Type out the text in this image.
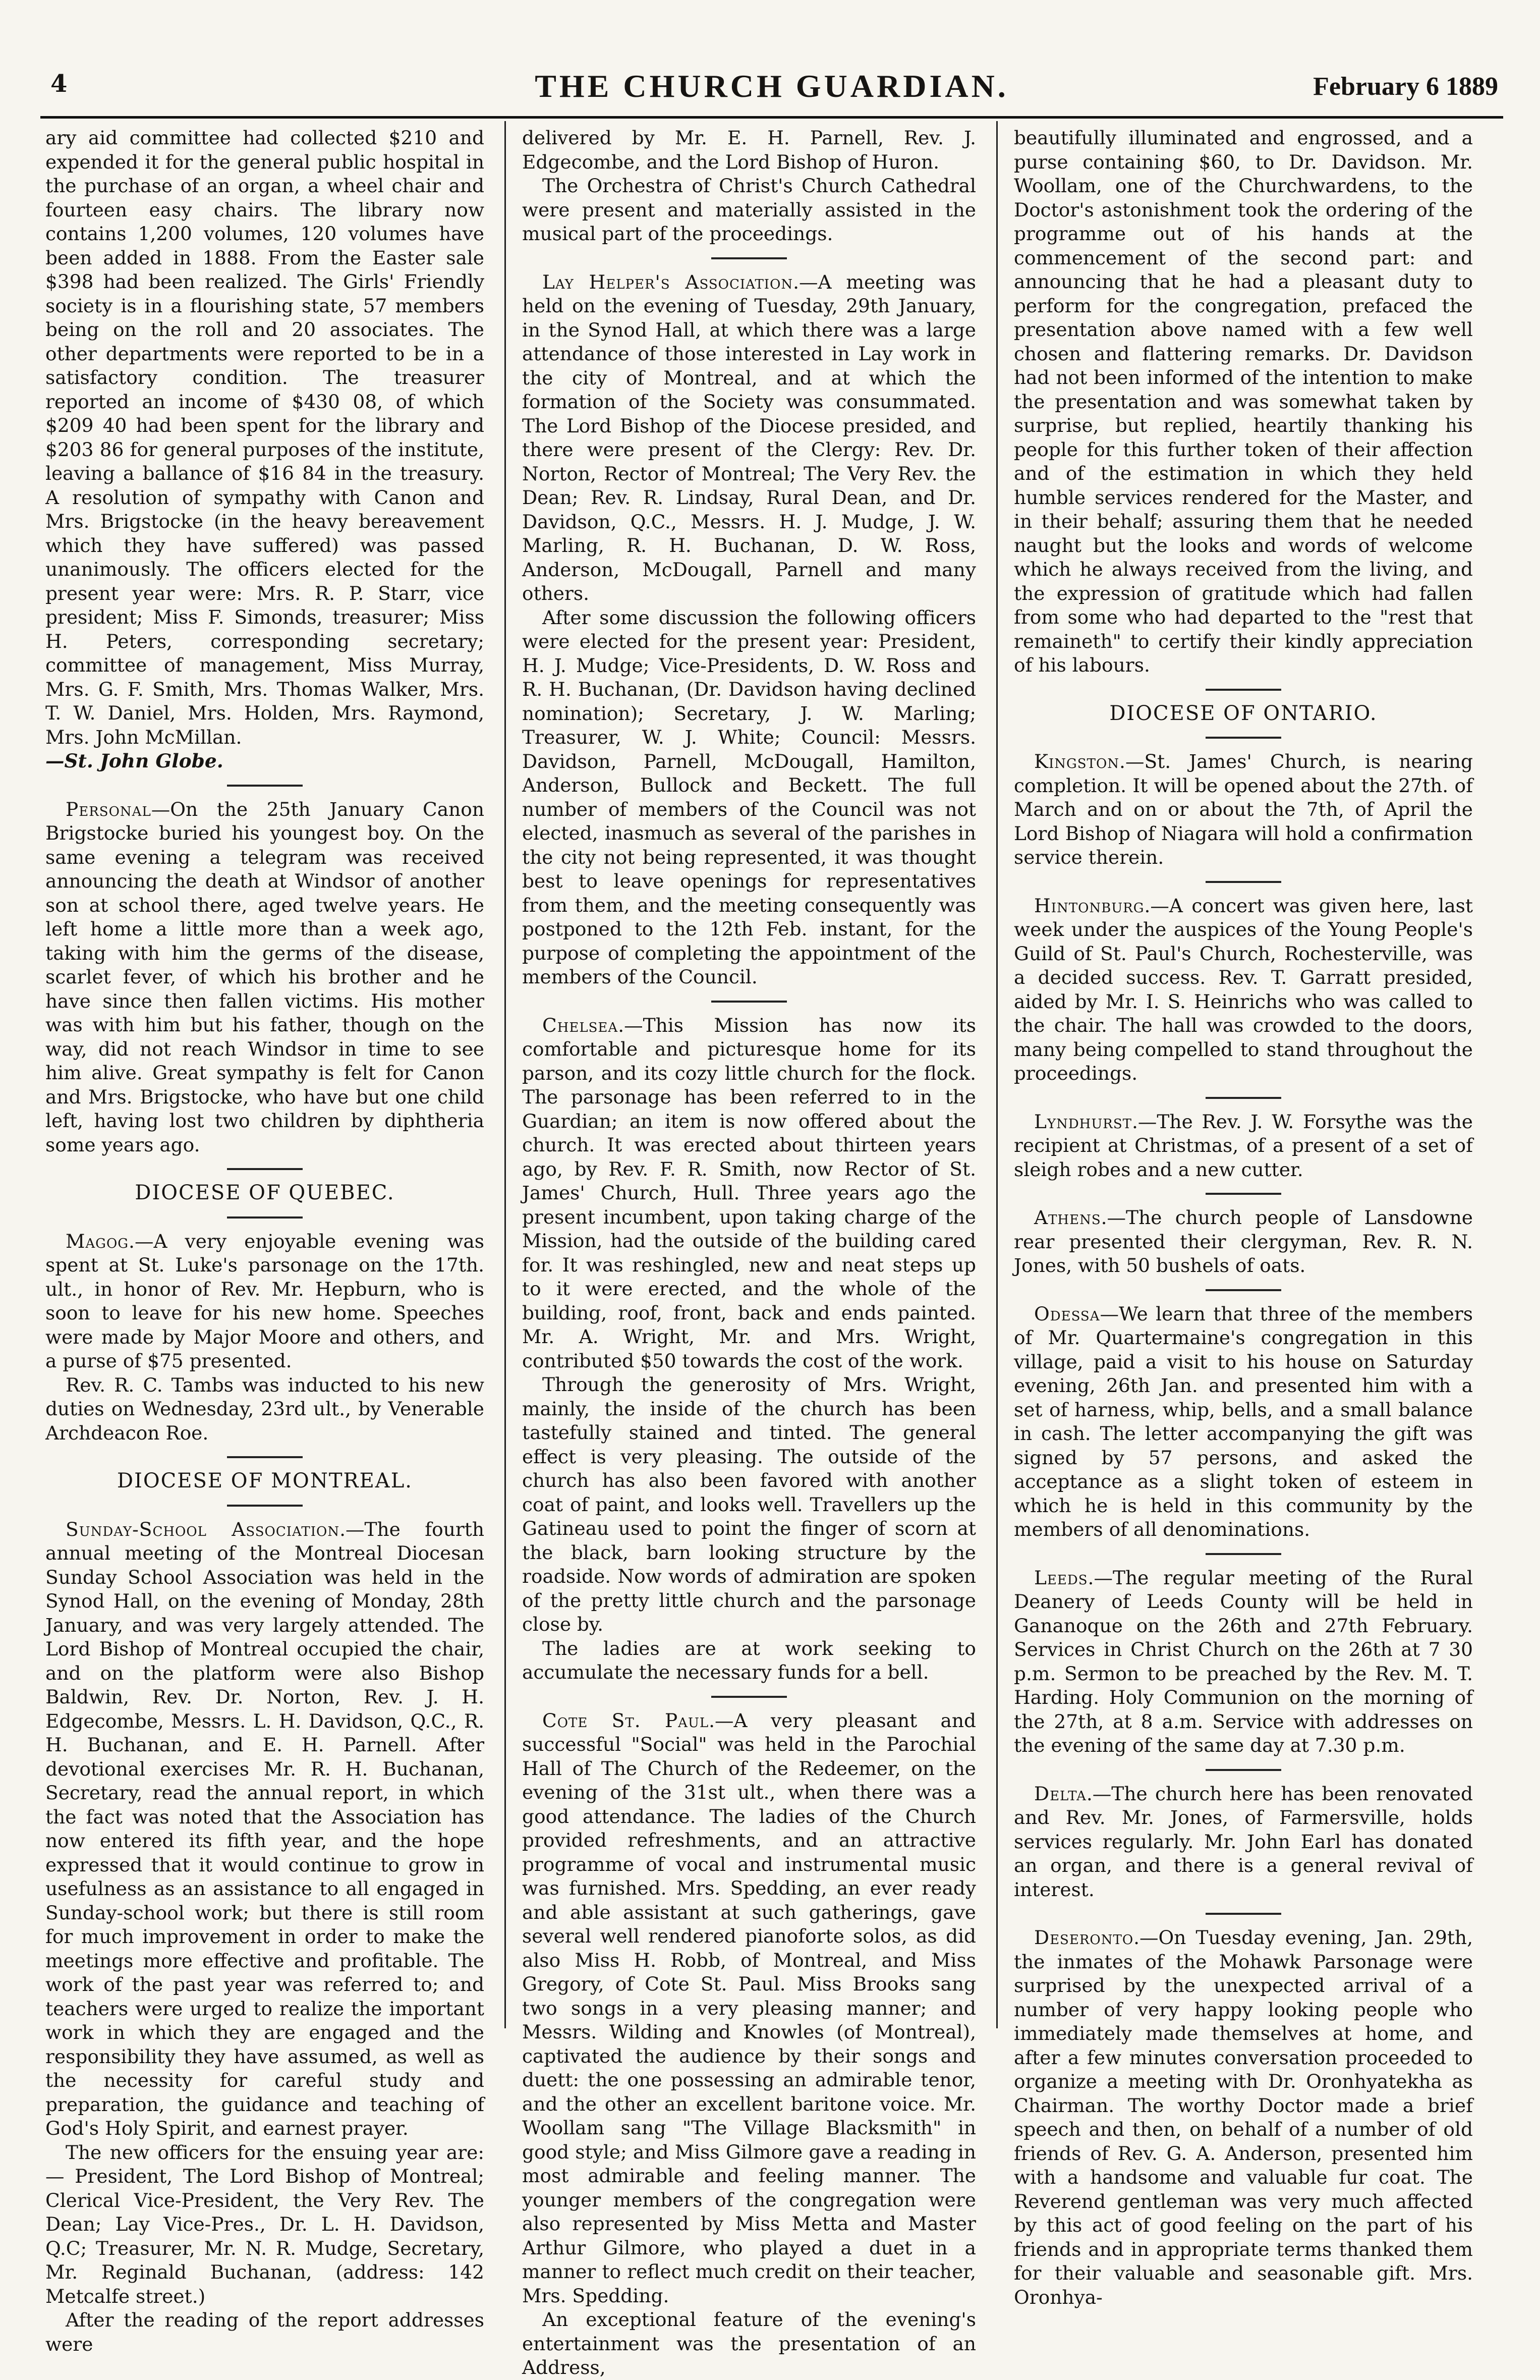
4	THE CHURCH GUARDIAN.	February 6 1889

ary aid committee had collected $210 and expended it for the general public hospital in the purchase of an organ, a wheel chair and fourteen easy chairs. The library now contains 1,200 volumes, 120 volumes have been added in 1888. From the Easter sale $398 had been realized. The Girls' Friendly society is in a flourishing state, 57 members being on the roll and 20 associates. The other departments were reported to be in a satisfactory condition. The treasurer reported an income of $430 08, of which $209 40 had been spent for the library and $203 86 for general purposes of the institute, leaving a ballance of $16 84 in the treasury. A resolution of sympathy with Canon and Mrs. Brigstocke (in the heavy bereavement which they have suffered) was passed unanimously. The officers elected for the present year were: Mrs. R. P. Starr, vice president; Miss F. Simonds, treasurer; Miss H. Peters, corresponding secretary; committee of management, Miss Murray, Mrs. G. F. Smith, Mrs. Thomas Walker, Mrs. T. W. Daniel, Mrs. Holden, Mrs. Raymond, Mrs. John McMillan.

—St. John Globe.

Personal—On the 25th January Canon Brigstocke buried his youngest boy. On the same evening a telegram was received announcing the death at Windsor of another son at school there, aged twelve years. He left home a little more than a week ago, taking with him the germs of the disease, scarlet fever, of which his brother and he have since then fallen victims. His mother was with him but his father, though on the way, did not reach Windsor in time to see him alive. Great sympathy is felt for Canon and Mrs. Brigstocke, who have but one child left, having lost two children by diphtheria some years ago.

DIOCESE OF QUEBEC.

Magog.—A very enjoyable evening was spent at St. Luke's parsonage on the 17th. ult., in honor of Rev. Mr. Hepburn, who is soon to leave for his new home. Speeches were made by Major Moore and others, and a purse of $75 presented.

Rev. R. C. Tambs was inducted to his new duties on Wednesday, 23rd ult., by Venerable Archdeacon Roe.

DIOCESE OF MONTREAL.

Sunday-School Association.—The fourth annual meeting of the Montreal Diocesan Sunday School Association was held in the Synod Hall, on the evening of Monday, 28th January, and was very largely attended. The Lord Bishop of Montreal occupied the chair, and on the platform were also Bishop Baldwin, Rev. Dr. Norton, Rev. J. H. Edgecombe, Messrs. L. H. Davidson, Q.C., R. H. Buchanan, and E. H. Parnell. After devotional exercises Mr. R. H. Buchanan, Secretary, read the annual report, in which the fact was noted that the Association has now entered its fifth year, and the hope expressed that it would continue to grow in usefulness as an assistance to all engaged in Sunday-school work; but there is still room for much improvement in order to make the meetings more effective and profitable. The work of the past year was referred to; and teachers were urged to realize the important work in which they are engaged and the responsibility they have assumed, as well as the necessity for careful study and preparation, the guidance and teaching of God's Holy Spirit, and earnest prayer.

The new officers for the ensuing year are:— President, The Lord Bishop of Montreal; Clerical Vice-President, the Very Rev. The Dean; Lay Vice-Pres., Dr. L. H. Davidson, Q.C; Treasurer, Mr. N. R. Mudge, Secretary, Mr. Reginald Buchanan, (address: 142 Metcalfe street.)

After the reading of the report addresses were

delivered by Mr. E. H. Parnell, Rev. J. Edgecombe, and the Lord Bishop of Huron.

The Orchestra of Christ's Church Cathedral were present and materially assisted in the musical part of the proceedings.

Lay Helper's Association.—A meeting was held on the evening of Tuesday, 29th January, in the Synod Hall, at which there was a large attendance of those interested in Lay work in the city of Montreal, and at which the formation of the Society was consummated. The Lord Bishop of the Diocese presided, and there were present of the Clergy: Rev. Dr. Norton, Rector of Montreal; The Very Rev. the Dean; Rev. R. Lindsay, Rural Dean, and Dr. Davidson, Q.C., Messrs. H. J. Mudge, J. W. Marling, R. H. Buchanan, D. W. Ross, Anderson, McDougall, Parnell and many others.

After some discussion the following officers were elected for the present year: President, H. J. Mudge; Vice-Presidents, D. W. Ross and R. H. Buchanan, (Dr. Davidson having declined nomination); Secretary, J. W. Marling; Treasurer, W. J. White; Council: Messrs. Davidson, Parnell, McDougall, Hamilton, Anderson, Bullock and Beckett. The full number of members of the Council was not elected, inasmuch as several of the parishes in the city not being represented, it was thought best to leave openings for representatives from them, and the meeting consequently was postponed to the 12th Feb. instant, for the purpose of completing the appointment of the members of the Council.

Chelsea.—This Mission has now its comfortable and picturesque home for its parson, and its cozy little church for the flock. The parsonage has been referred to in the Guardian; an item is now offered about the church. It was erected about thirteen years ago, by Rev. F. R. Smith, now Rector of St. James' Church, Hull. Three years ago the present incumbent, upon taking charge of the Mission, had the outside of the building cared for. It was reshingled, new and neat steps up to it were erected, and the whole of the building, roof, front, back and ends painted. Mr. A. Wright, Mr. and Mrs. Wright, contributed $50 towards the cost of the work.

Through the generosity of Mrs. Wright, mainly, the inside of the church has been tastefully stained and tinted. The general effect is very pleasing. The outside of the church has also been favored with another coat of paint, and looks well. Travellers up the Gatineau used to point the finger of scorn at the black, barn looking structure by the roadside. Now words of admiration are spoken of the pretty little church and the parsonage close by.

The ladies are at work seeking to accumulate the necessary funds for a bell.

Cote St. Paul.—A very pleasant and successful "Social" was held in the Parochial Hall of The Church of the Redeemer, on the evening of the 31st ult., when there was a good attendance. The ladies of the Church provided refreshments, and an attractive programme of vocal and instrumental music was furnished. Mrs. Spedding, an ever ready and able assistant at such gatherings, gave several well rendered pianoforte solos, as did also Miss H. Robb, of Montreal, and Miss Gregory, of Cote St. Paul. Miss Brooks sang two songs in a very pleasing manner; and Messrs. Wilding and Knowles (of Montreal), captivated the audience by their songs and duett: the one possessing an admirable tenor, and the other an excellent baritone voice. Mr. Woollam sang "The Village Blacksmith" in good style; and Miss Gilmore gave a reading in most admirable and feeling manner. The younger members of the congregation were also represented by Miss Metta and Master Arthur Gilmore, who played a duet in a manner to reflect much credit on their teacher, Mrs. Spedding.

An exceptional feature of the evening's entertainment was the presentation of an Address,

beautifully illuminated and engrossed, and a purse containing $60, to Dr. Davidson. Mr. Woollam, one of the Churchwardens, to the Doctor's astonishment took the ordering of the programme out of his hands at the commencement of the second part: and announcing that he had a pleasant duty to perform for the congregation, prefaced the presentation above named with a few well chosen and flattering remarks. Dr. Davidson had not been informed of the intention to make the presentation and was somewhat taken by surprise, but replied, heartily thanking his people for this further token of their affection and of the estimation in which they held humble services rendered for the Master, and in their behalf; assuring them that he needed naught but the looks and words of welcome which he always received from the living, and the expression of gratitude which had fallen from some who had departed to the "rest that remaineth" to certify their kindly appreciation of his labours.

DIOCESE OF ONTARIO.

Kingston.—St. James' Church, is nearing completion. It will be opened about the 27th. of March and on or about the 7th, of April the Lord Bishop of Niagara will hold a confirmation service therein.

Hintonburg.—A concert was given here, last week under the auspices of the Young People's Guild of St. Paul's Church, Rochesterville, was a decided success. Rev. T. Garratt presided, aided by Mr. I. S. Heinrichs who was called to the chair. The hall was crowded to the doors, many being compelled to stand throughout the proceedings.

Lyndhurst.—The Rev. J. W. Forsythe was the recipient at Christmas, of a present of a set of sleigh robes and a new cutter.

Athens.—The church people of Lansdowne rear presented their clergyman, Rev. R. N. Jones, with 50 bushels of oats.

Odessa—We learn that three of the members of Mr. Quartermaine's congregation in this village, paid a visit to his house on Saturday evening, 26th Jan. and presented him with a set of harness, whip, bells, and a small balance in cash. The letter accompanying the gift was signed by 57 persons, and asked the acceptance as a slight token of esteem in which he is held in this community by the members of all denominations.

Leeds.—The regular meeting of the Rural Deanery of Leeds County will be held in Gananoque on the 26th and 27th February. Services in Christ Church on the 26th at 7 30 p.m. Sermon to be preached by the Rev. M. T. Harding. Holy Communion on the morning of the 27th, at 8 a.m. Service with addresses on the evening of the same day at 7.30 p.m.

Delta.—The church here has been renovated and Rev. Mr. Jones, of Farmersville, holds services regularly. Mr. John Earl has donated an organ, and there is a general revival of interest.

Deseronto.—On Tuesday evening, Jan. 29th, the inmates of the Mohawk Parsonage were surprised by the unexpected arrival of a number of very happy looking people who immediately made themselves at home, and after a few minutes conversation proceeded to organize a meeting with Dr. Oronhyatekha as Chairman. The worthy Doctor made a brief speech and then, on behalf of a number of old friends of Rev. G. A. Anderson, presented him with a handsome and valuable fur coat. The Reverend gentleman was very much affected by this act of good feeling on the part of his friends and in appropriate terms thanked them for their valuable and seasonable gift. Mrs. Oronhya-
